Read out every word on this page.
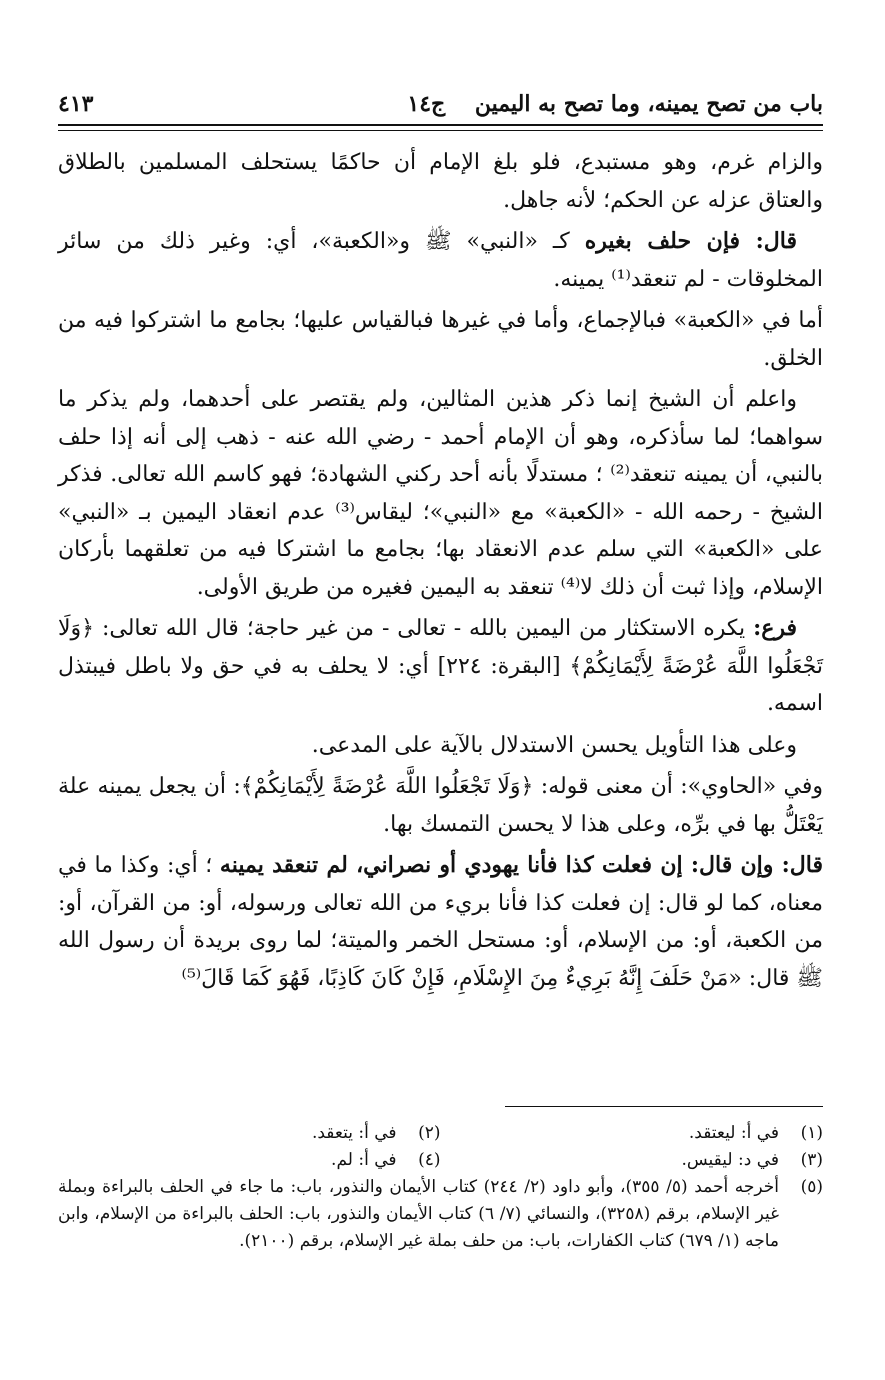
باب من تصح يمينه، وما تصح به اليمين ج١٤
٤١٣

والزام غرم، وهو مستبدع، فلو بلغ الإمام أن حاكمًا يستحلف المسلمين بالطلاق والعتاق عزله عن الحكم؛ لأنه جاهل.

قال: فإن حلف بغيره كـ «النبي» ﷺ و«الكعبة»، أي: وغير ذلك من سائر المخلوقات - لم تنعقد⁽¹⁾ يمينه.

أما في «الكعبة» فبالإجماع، وأما في غيرها فبالقياس عليها؛ بجامع ما اشتركوا فيه من الخلق.

واعلم أن الشيخ إنما ذكر هذين المثالين، ولم يقتصر على أحدهما، ولم يذكر ما سواهما؛ لما سأذكره، وهو أن الإمام أحمد - رضي الله عنه - ذهب إلى أنه إذا حلف بالنبي، أن يمينه تنعقد⁽²⁾ ؛ مستدلًا بأنه أحد ركني الشهادة؛ فهو كاسم الله تعالى. فذكر الشيخ - رحمه الله - «الكعبة» مع «النبي»؛ ليقاس⁽³⁾ عدم انعقاد اليمين بـ «النبي» على «الكعبة» التي سلم عدم الانعقاد بها؛ بجامع ما اشتركا فيه من تعلقهما بأركان الإسلام، وإذا ثبت أن ذلك لا⁽⁴⁾ تنعقد به اليمين فغيره من طريق الأولى.

فرع: يكره الاستكثار من اليمين بالله - تعالى - من غير حاجة؛ قال الله تعالى: ﴿وَلَا تَجْعَلُوا اللَّهَ عُرْضَةً لِأَيْمَانِكُمْ﴾ [البقرة: ٢٢٤] أي: لا يحلف به في حق ولا باطل فيبتذل اسمه.

وعلى هذا التأويل يحسن الاستدلال بالآية على المدعى.

وفي «الحاوي»: أن معنى قوله: ﴿وَلَا تَجْعَلُوا اللَّهَ عُرْضَةً لِأَيْمَانِكُمْ﴾: أن يجعل يمينه علة يَعْتَلُّ بها في برِّه، وعلى هذا لا يحسن التمسك بها.

قال: وإن قال: إن فعلت كذا فأنا يهودي أو نصراني، لم تنعقد يمينه ؛ أي: وكذا ما في معناه، كما لو قال: إن فعلت كذا فأنا بريء من الله تعالى ورسوله، أو: من القرآن، أو: من الكعبة، أو: من الإسلام، أو: مستحل الخمر والميتة؛ لما روى بريدة أن رسول الله ﷺ قال: «مَنْ حَلَفَ إِنَّهُ بَرِيءٌ مِنَ الإِسْلَامِ، فَإِنْ كَانَ كَاذِبًا، فَهُوَ كَمَا قَالَ⁽⁵⁾

(١)
في أ: ليعتقد.
(٢)
في أ: يتعقد.
(٣)
في د: ليقيس.
(٤)
في أ: لم.
(٥)
أخرجه أحمد (٥/ ٣٥٥)، وأبو داود (٢/ ٢٤٤) كتاب الأيمان والنذور، باب: ما جاء في الحلف بالبراءة وبملة غير الإسلام، برقم (٣٢٥٨)، والنسائي (٧/ ٦) كتاب الأيمان والنذور، باب: الحلف بالبراءة من الإسلام، وابن ماجه (١/ ٦٧٩) كتاب الكفارات، باب: من حلف بملة غير الإسلام، برقم (٢١٠٠).
